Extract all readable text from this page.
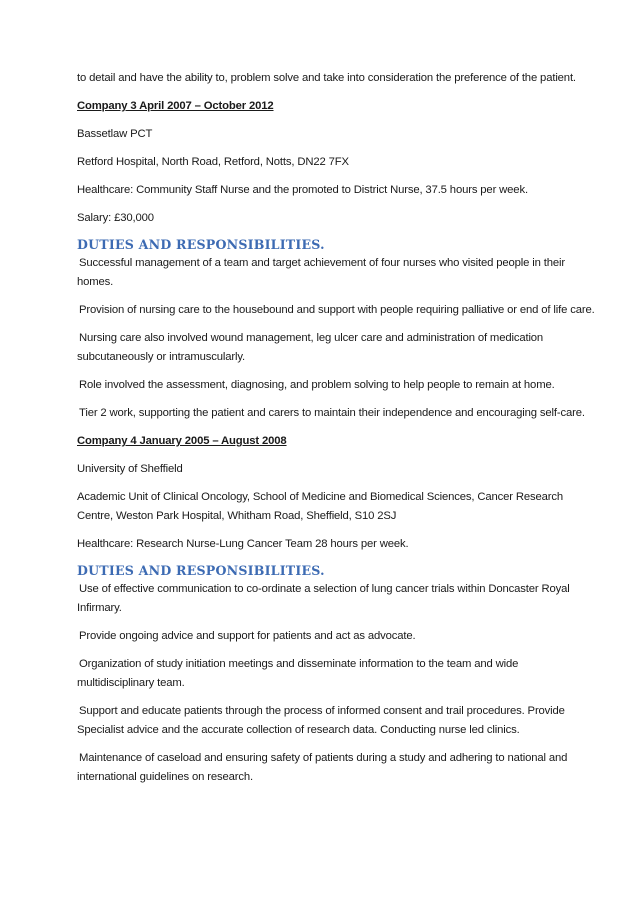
to detail and have the ability to, problem solve and take into consideration the preference of the patient.

Company 3 April 2007 – October 2012

Bassetlaw PCT

Retford Hospital, North Road, Retford, Notts, DN22 7FX

Healthcare: Community Staff Nurse and the promoted to District Nurse, 37.5 hours per week.

Salary: £30,000

DUTIES AND RESPONSIBILITIES.

Successful management of a team and target achievement of four nurses who visited people in their homes.

Provision of nursing care to the housebound and support with people requiring palliative or end of life care.

Nursing care also involved wound management, leg ulcer care and administration of medication subcutaneously or intramuscularly.

Role involved the assessment, diagnosing, and problem solving to help people to remain at home.

Tier 2 work, supporting the patient and carers to maintain their independence and encouraging self-care.

Company 4 January 2005 – August 2008

University of Sheffield

Academic Unit of Clinical Oncology, School of Medicine and Biomedical Sciences, Cancer Research Centre, Weston Park Hospital, Whitham Road, Sheffield, S10 2SJ

Healthcare: Research Nurse-Lung Cancer Team 28 hours per week.

DUTIES AND RESPONSIBILITIES.

Use of effective communication to co-ordinate a selection of lung cancer trials within Doncaster Royal Infirmary.

Provide ongoing advice and support for patients and act as advocate.

Organization of study initiation meetings and disseminate information to the team and wide multidisciplinary team.

Support and educate patients through the process of informed consent and trail procedures. Provide Specialist advice and the accurate collection of research data. Conducting nurse led clinics.

Maintenance of caseload and ensuring safety of patients during a study and adhering to national and international guidelines on research.
